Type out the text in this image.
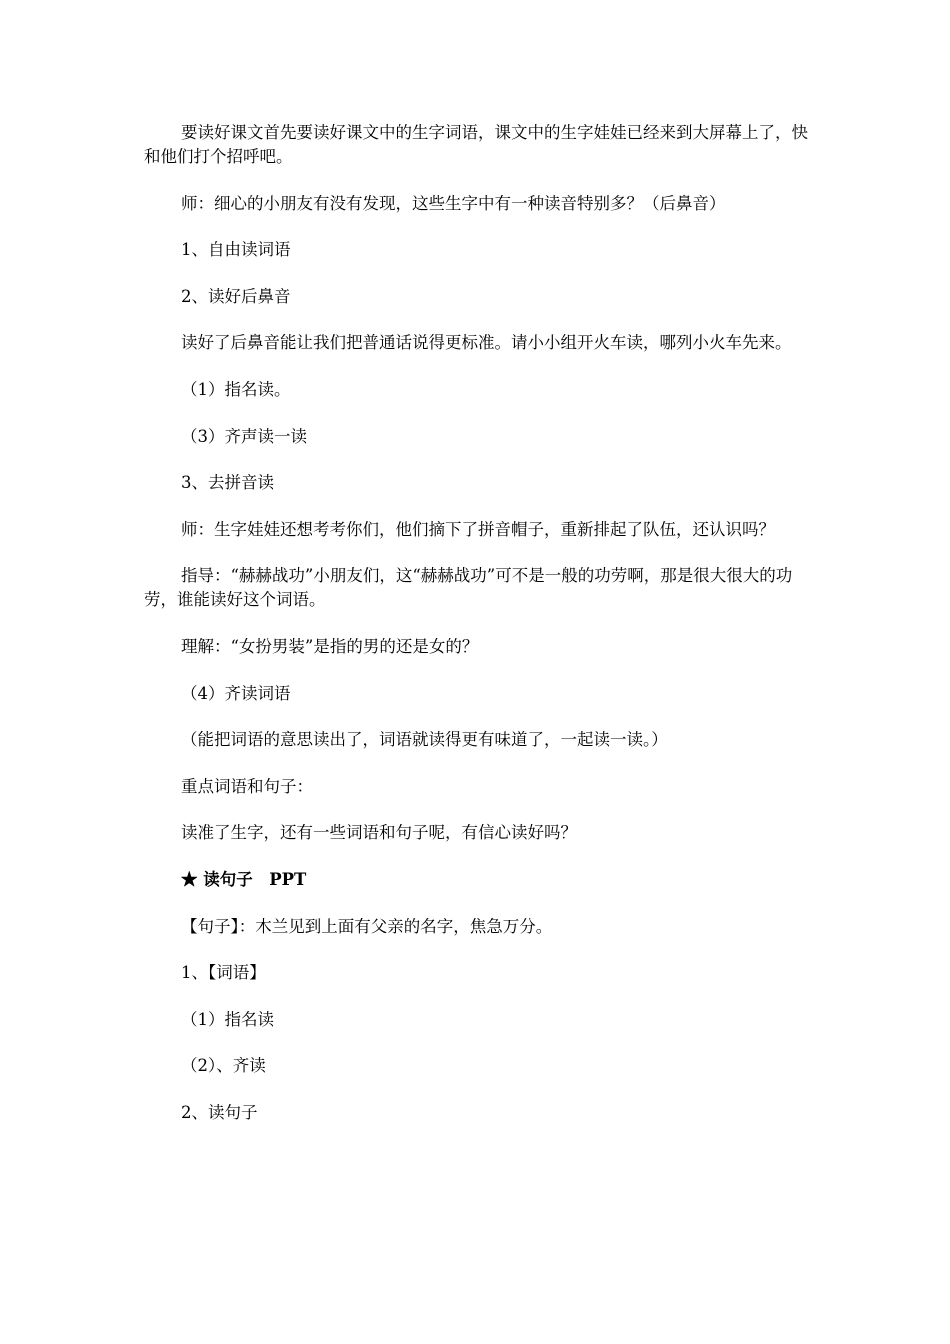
要读好课文首先要读好课文中的生字词语，课文中的生字娃娃已经来到大屏幕上了，快和他们打个招呼吧。

师：细心的小朋友有没有发现，这些生字中有一种读音特别多？（后鼻音）

1、自由读词语

2、读好后鼻音

读好了后鼻音能让我们把普通话说得更标准。请小小组开火车读，哪列小火车先来。

（1）指名读。

（3）齐声读一读

3、去拼音读

师：生字娃娃还想考考你们，他们摘下了拼音帽子，重新排起了队伍，还认识吗？

指导：“赫赫战功”小朋友们，这“赫赫战功”可不是一般的功劳啊，那是很大很大的功劳，谁能读好这个词语。

理解：“女扮男装”是指的男的还是女的？

（4）齐读词语

（能把词语的意思读出了，词语就读得更有味道了，一起读一读。）

重点词语和句子：

读准了生字，还有一些词语和句子呢，有信心读好吗？

★ 读句子　PPT

【句子】：木兰见到上面有父亲的名字，焦急万分。

1、【词语】

（1）指名读

（2）、齐读

2、读句子
